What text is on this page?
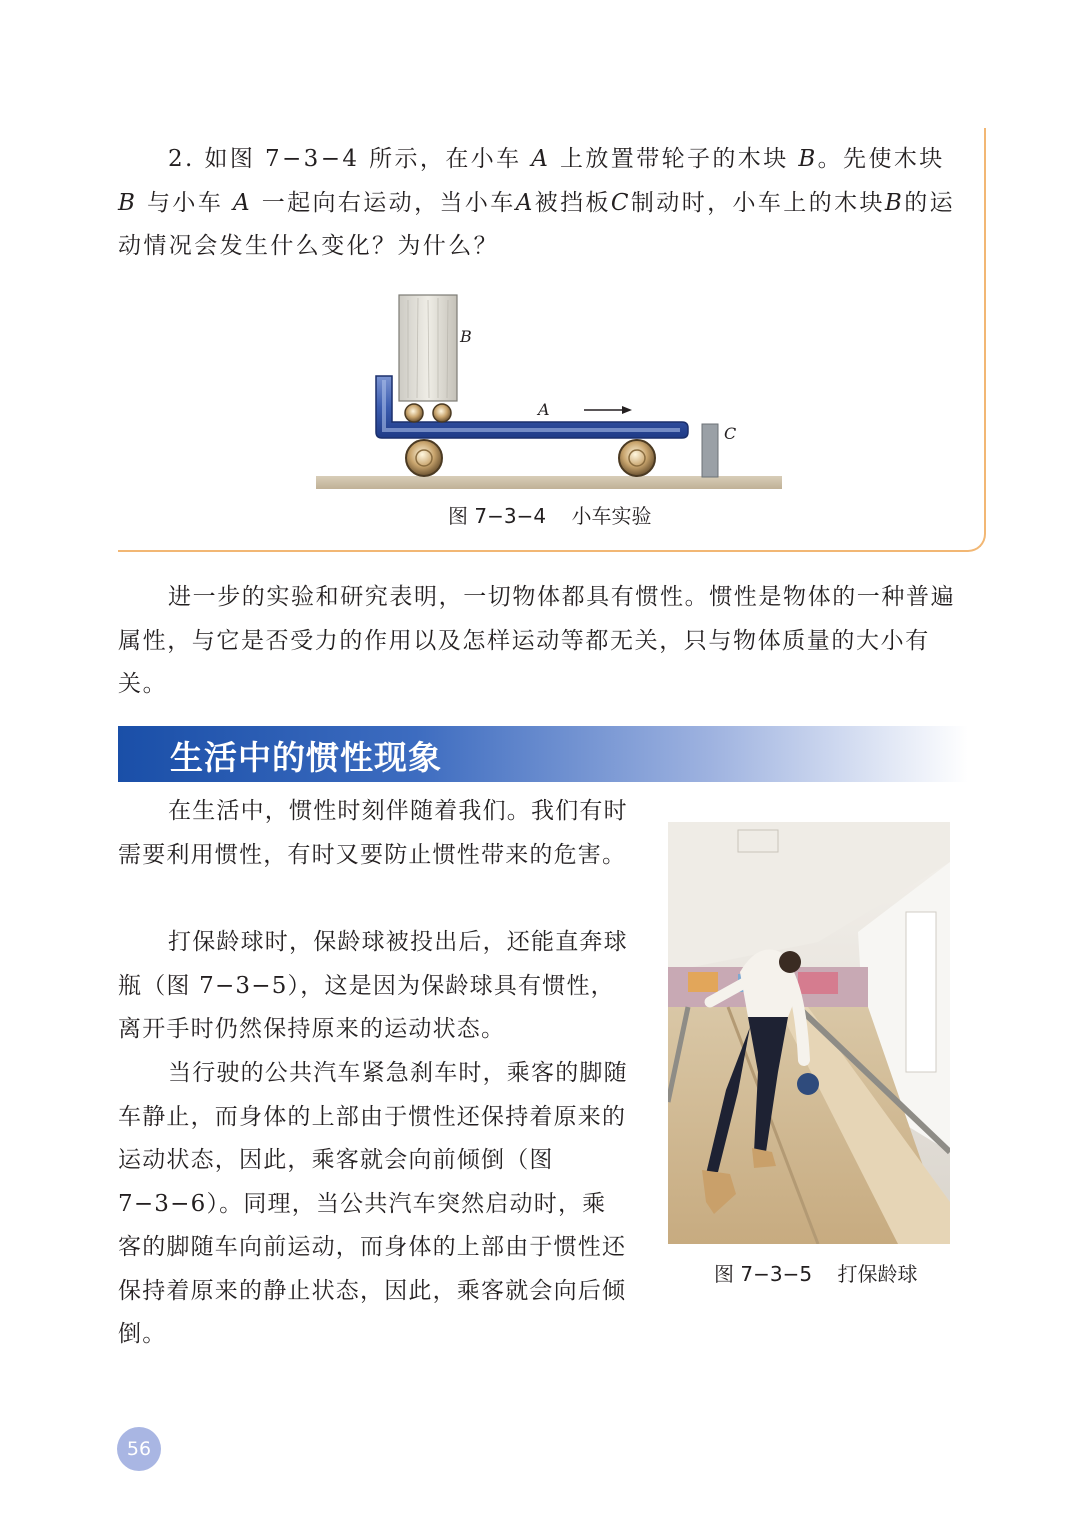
2. 如图 7−3−4 所示，在小车 A 上放置带轮子的木块 B。先使木块 B 与小车 A 一起向右运动，当小车A被挡板C制动时，小车上的木块B的运动情况会发生什么变化？为什么？

B
A
C
图 7−3−4    小车实验

进一步的实验和研究表明，一切物体都具有惯性。惯性是物体的一种普遍属性，与它是否受力的作用以及怎样运动等都无关，只与物体质量的大小有关。

生活中的惯性现象

在生活中，惯性时刻伴随着我们。我们有时需要利用惯性，有时又要防止惯性带来的危害。

打保龄球时，保龄球被投出后，还能直奔球瓶（图 7−3−5），这是因为保龄球具有惯性，离开手时仍然保持原来的运动状态。

当行驶的公共汽车紧急刹车时，乘客的脚随车静止，而身体的上部由于惯性还保持着原来的运动状态，因此，乘客就会向前倾倒（图 7−3−6）。同理，当公共汽车突然启动时，乘客的脚随车向前运动，而身体的上部由于惯性还保持着原来的静止状态，因此，乘客就会向后倾倒。

图 7−3−5    打保龄球
56
